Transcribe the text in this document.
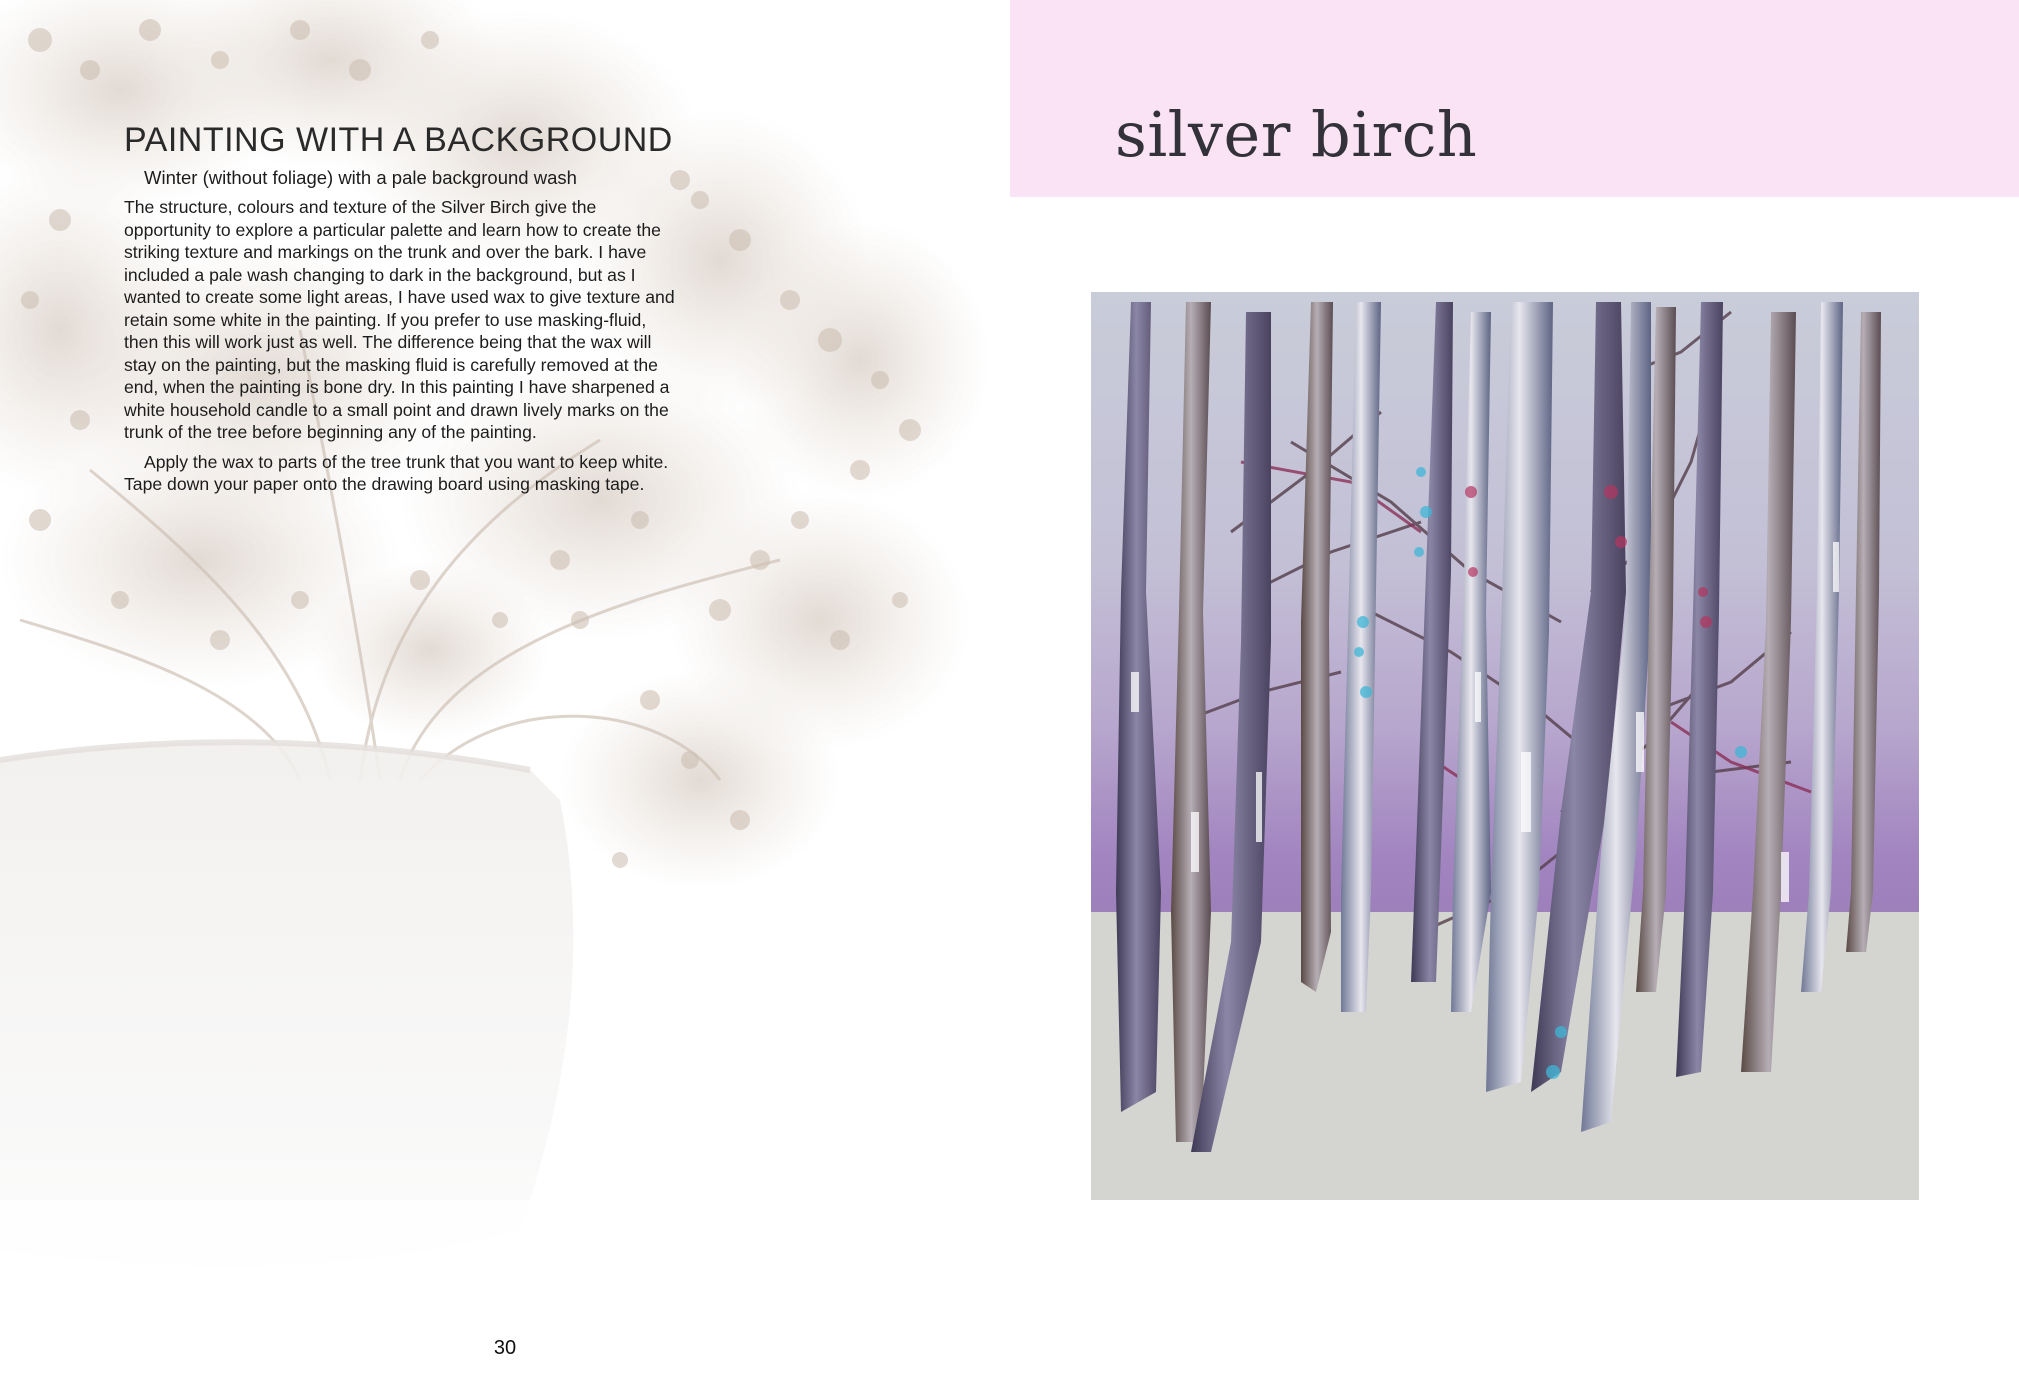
PAINTING WITH A BACKGROUND

Winter (without foliage) with a pale background wash

The structure, colours and texture of the Silver Birch give the opportunity to explore a particular palette and learn how to create the striking texture and markings on the trunk and over the bark. I have included a pale wash changing to dark in the background, but as I wanted to create some light areas, I have used wax to give texture and retain some white in the painting. If you prefer to use masking-fluid, then this will work just as well. The difference being that the wax will stay on the painting, but the masking fluid is carefully removed at the end, when the painting is bone dry. In this painting I have sharpened a white household candle to a small point and drawn lively marks on the trunk of the tree before beginning any of the painting.

Apply the wax to parts of the tree trunk that you want to keep white. Tape down your paper onto the drawing board using masking tape.

30
silver birch
